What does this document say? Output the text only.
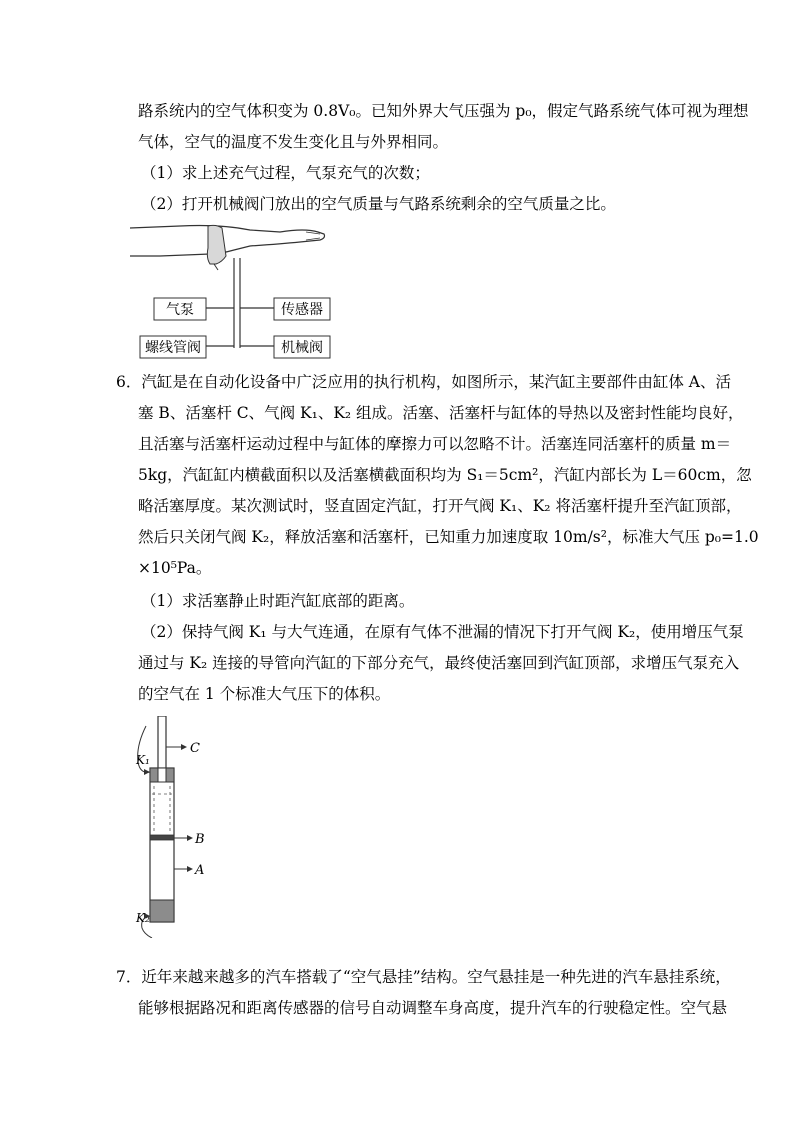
路系统内的空气体积变为 0.8V₀。已知外界大气压强为 p₀，假定气路系统气体可视为理想
气体，空气的温度不发生变化且与外界相同。
（1）求上述充气过程，气泵充气的次数；
（2）打开机械阀门放出的空气质量与气路系统剩余的空气质量之比。
气泵	传感器
螺线管阀	机械阀
6．汽缸是在自动化设备中广泛应用的执行机构，如图所示，某汽缸主要部件由缸体 A、活
塞 B、活塞杆 C、气阀 K₁、K₂ 组成。活塞、活塞杆与缸体的导热以及密封性能均良好，
且活塞与活塞杆运动过程中与缸体的摩擦力可以忽略不计。活塞连同活塞杆的质量 m＝
5kg，汽缸缸内横截面积以及活塞横截面积均为 S₁＝5cm²，汽缸内部长为 L＝60cm，忽
略活塞厚度。某次测试时，竖直固定汽缸，打开气阀 K₁、K₂ 将活塞杆提升至汽缸顶部，
然后只关闭气阀 K₂，释放活塞和活塞杆，已知重力加速度取 10m/s²，标准大气压 p₀=1.0
×10⁵Pa。
（1）求活塞静止时距汽缸底部的距离。
（2）保持气阀 K₁ 与大气连通，在原有气体不泄漏的情况下打开气阀 K₂，使用增压气泵
通过与 K₂ 连接的导管向汽缸的下部分充气，最终使活塞回到汽缸顶部，求增压气泵充入
的空气在 1 个标准大气压下的体积。
C
B
A
K₁
K₂
7．近年来越来越多的汽车搭载了“空气悬挂”结构。空气悬挂是一种先进的汽车悬挂系统，
能够根据路况和距离传感器的信号自动调整车身高度，提升汽车的行驶稳定性。空气悬
